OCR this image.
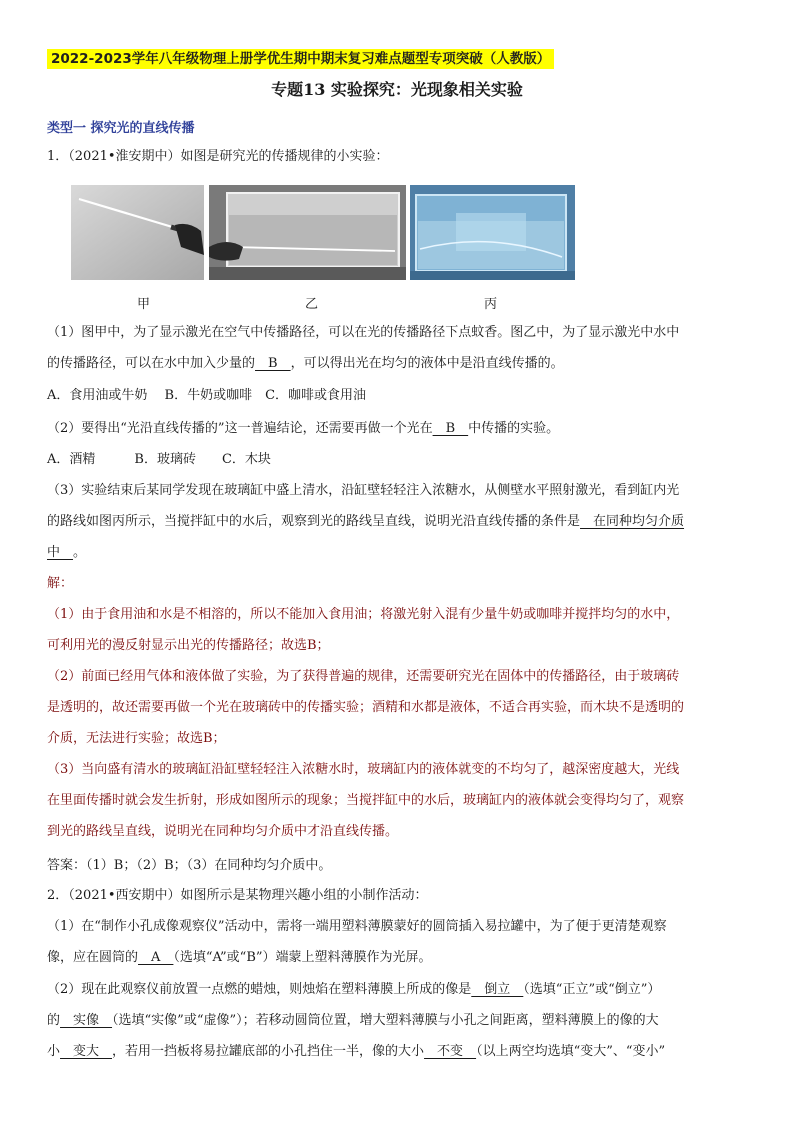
2022-2023学年八年级物理上册学优生期中期末复习难点题型专项突破（人教版）
专题13 实验探究：光现象相关实验
类型一 探究光的直线传播
1．（2021•淮安期中）如图是研究光的传播规律的小实验：
甲	乙	丙
（1）图甲中，为了显示激光在空气中传播路径，可以在光的传播路径下点蚊香。图乙中，为了显示激光中水中
的传播路径，可以在水中加入少量的　B　，可以得出光在均匀的液体中是沿直线传播的。
A．食用油或牛奶　 B．牛奶或咖啡　C．咖啡或食用油
（2）要得出“光沿直线传播的”这一普遍结论，还需要再做一个光在　B　中传播的实验。
A．酒精　　　B．玻璃砖　　C．木块
（3）实验结束后某同学发现在玻璃缸中盛上清水，沿缸壁轻轻注入浓糖水，从侧壁水平照射激光，看到缸内光
的路线如图丙所示，当搅拌缸中的水后，观察到光的路线呈直线，说明光沿直线传播的条件是　在同种均匀介质
中　。
解：
（1）由于食用油和水是不相溶的，所以不能加入食用油；将激光射入混有少量牛奶或咖啡并搅拌均匀的水中，
可利用光的漫反射显示出光的传播路径；故选B；
（2）前面已经用气体和液体做了实验，为了获得普遍的规律，还需要研究光在固体中的传播路径，由于玻璃砖
是透明的，故还需要再做一个光在玻璃砖中的传播实验；酒精和水都是液体，不适合再实验，而木块不是透明的
介质，无法进行实验；故选B；
（3）当向盛有清水的玻璃缸沿缸壁轻轻注入浓糖水时，玻璃缸内的液体就变的不均匀了，越深密度越大，光线
在里面传播时就会发生折射，形成如图所示的现象；当搅拌缸中的水后，玻璃缸内的液体就会变得均匀了，观察
到光的路线呈直线，说明光在同种均匀介质中才沿直线传播。
答案：（1）B；（2）B；（3）在同种均匀介质中。
2．（2021•西安期中）如图所示是某物理兴趣小组的小制作活动：
（1）在“制作小孔成像观察仪”活动中，需将一端用塑料薄膜蒙好的圆筒插入易拉罐中，为了便于更清楚观察
像，应在圆筒的　A　（选填“A”或“B”）端蒙上塑料薄膜作为光屏。
（2）现在此观察仪前放置一点燃的蜡烛，则烛焰在塑料薄膜上所成的像是　倒立　（选填“正立”或“倒立”）
的　实像　（选填“实像”或“虚像”）；若移动圆筒位置，增大塑料薄膜与小孔之间距离，塑料薄膜上的像的大
小　变大　，若用一挡板将易拉罐底部的小孔挡住一半，像的大小　不变　（以上两空均选填“变大”、“变小”
